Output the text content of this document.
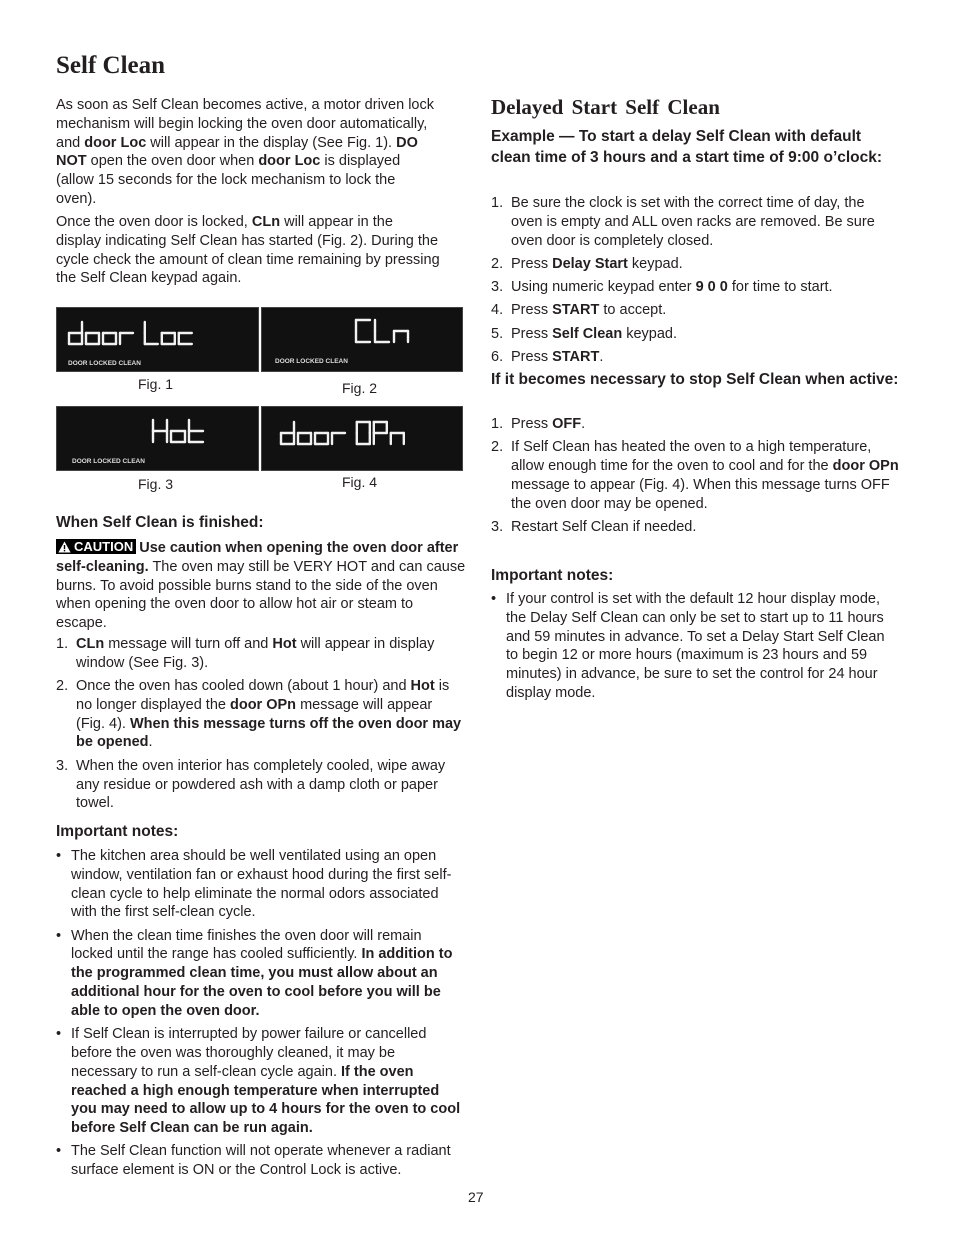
Self Clean

As soon as Self Clean becomes active, a motor driven lock mechanism will begin locking the oven door automatically, and door Loc will appear in the display (See Fig. 1). DO NOT open the oven door when door Loc is displayed (allow 15 seconds for the lock mechanism to lock the oven).

Once the oven door is locked, CLn will appear in the display indicating Self Clean has started (Fig. 2). During the cycle check the amount of clean time remaining by pressing the Self Clean keypad again.

DOOR LOCKED CLEAN	DOOR LOCKED CLEAN
Fig. 1	Fig. 2
DOOR LOCKED CLEAN
Fig. 3	Fig. 4
When Self Clean is finished:

CAUTION Use caution when opening the oven door after self-cleaning. The oven may still be VERY HOT and can cause burns. To avoid possible burns stand to the side of the oven when opening the oven door to allow hot air or steam to escape.

1. CLn message will turn off and Hot will appear in display window (See Fig. 3).
2. Once the oven has cooled down (about 1 hour) and Hot is no longer displayed the door OPn message will appear (Fig. 4). When this message turns off the oven door may be opened.
3. When the oven interior has completely cooled, wipe away any residue or powdered ash with a damp cloth or paper towel.
Important notes:
• The kitchen area should be well ventilated using an open window, ventilation fan or exhaust hood during the first self-clean cycle to help eliminate the normal odors associated with the first self-clean cycle.
• When the clean time finishes the oven door will remain locked until the range has cooled sufficiently. In addition to the programmed clean time, you must allow about an additional hour for the oven to cool before you will be able to open the oven door.
• If Self Clean is interrupted by power failure or cancelled before the oven was thoroughly cleaned, it may be necessary to run a self-clean cycle again. If the oven reached a high enough temperature when interrupted you may need to allow up to 4 hours for the oven to cool before Self Clean can be run again.
• The Self Clean function will not operate whenever a radiant surface element is ON or the Control Lock is active.
Delayed Start Self Clean
Example — To start a delay Self Clean with default clean time of 3 hours and a start time of 9:00 o’clock:
1. Be sure the clock is set with the correct time of day, the oven is empty and ALL oven racks are removed. Be sure oven door is completely closed.
2. Press Delay Start keypad.
3. Using numeric keypad enter 9 0 0 for time to start.
4. Press START to accept.
5. Press Self Clean keypad.
6. Press START.
If it becomes necessary to stop Self Clean when active:
1. Press OFF.
2. If Self Clean has heated the oven to a high temperature, allow enough time for the oven to cool and for the door OPn message to appear (Fig. 4). When this message turns OFF the oven door may be opened.
3. Restart Self Clean if needed.
Important notes:
• If your control is set with the default 12 hour display mode, the Delay Self Clean can only be set to start up to 11 hours and 59 minutes in advance. To set a Delay Start Self Clean to begin 12 or more hours (maximum is 23 hours and 59 minutes) in advance, be sure to set the control for 24 hour display mode.
27
